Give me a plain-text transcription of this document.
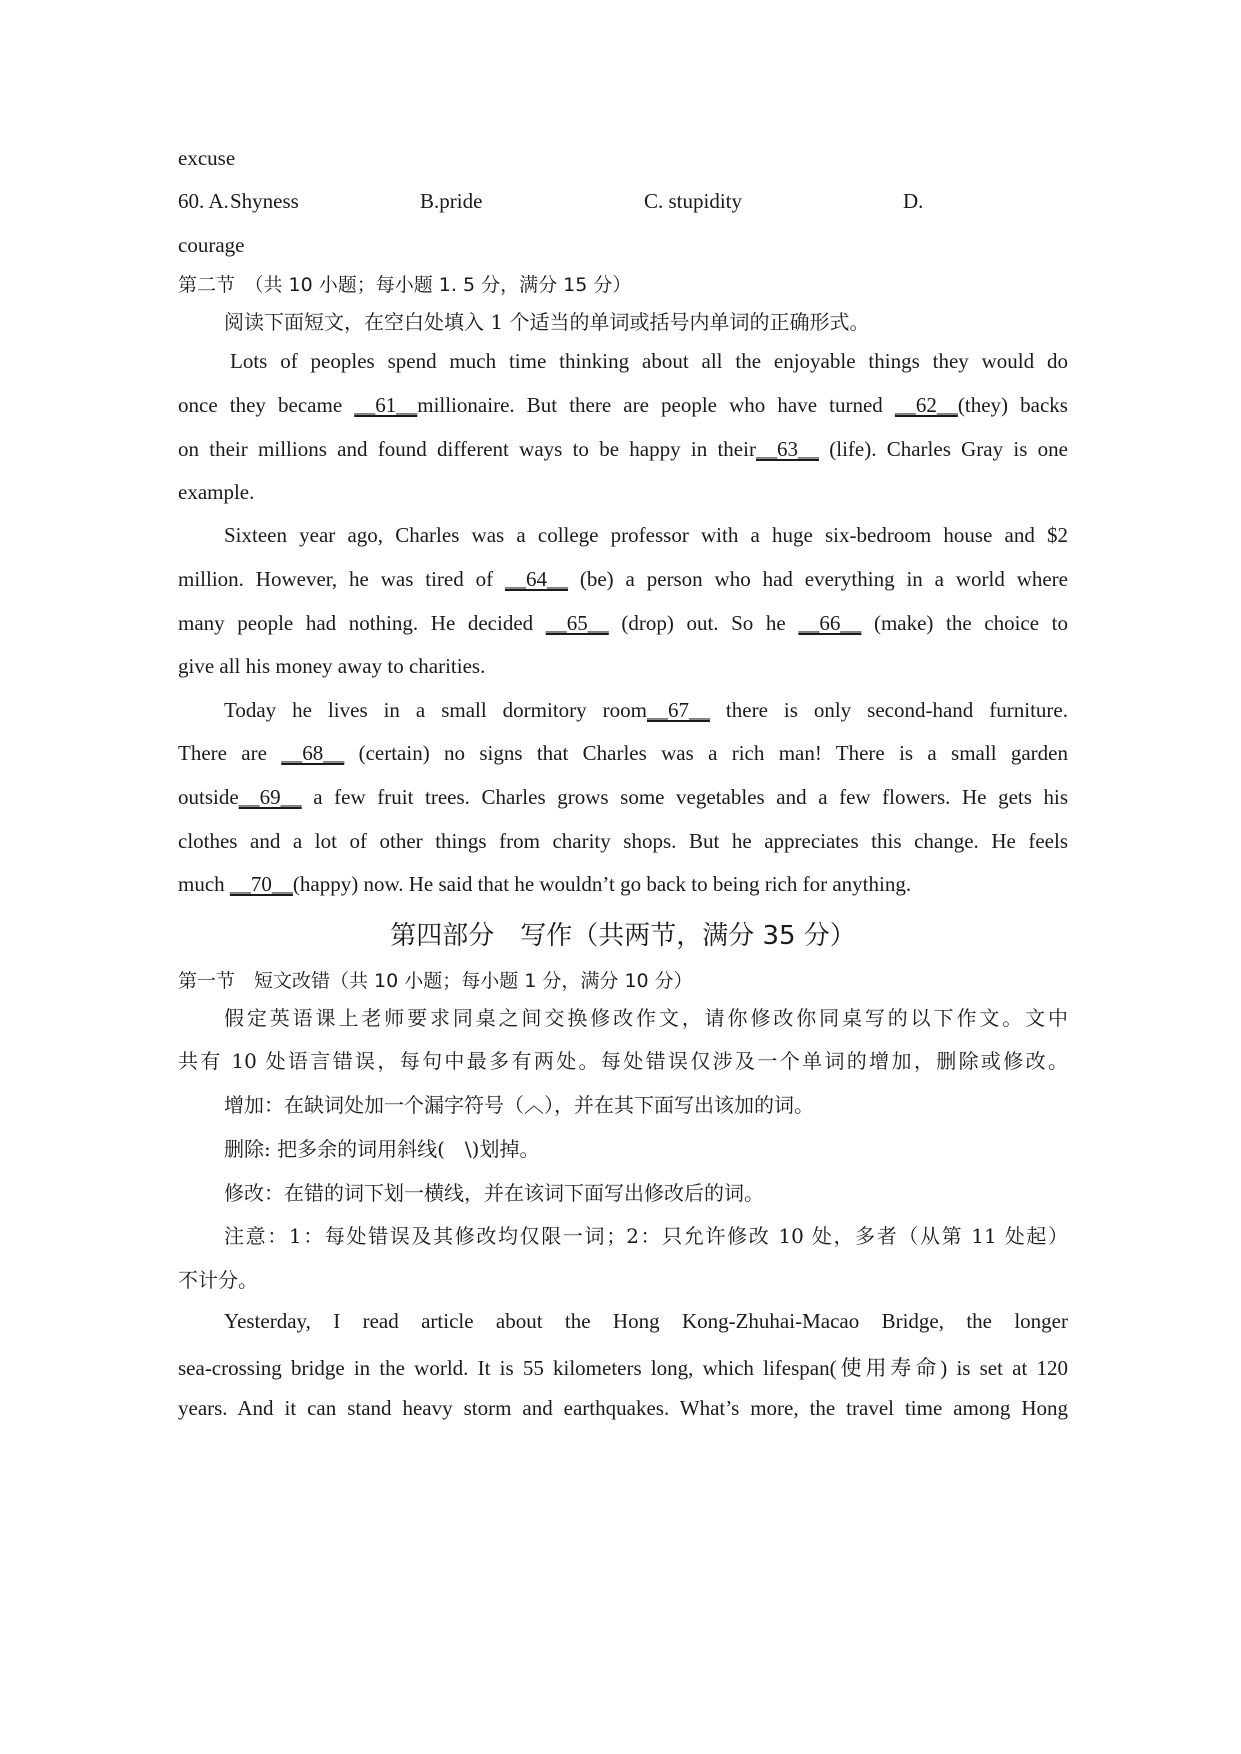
excuse
60. A. Shyness	B.pride	C. stupidity	D.
courage
第二节　（共 10 小题；每小题 1. 5 分，满分 15 分）
阅读下面短文，在空白处填入 1 个适当的单词或括号内单词的正确形式。
Lots of peoples spend much time thinking about all the enjoyable things they would do
once they became __61__millionaire. But there are people who have turned __62__(they) backs
on their millions and found different ways to be happy in their__63__ (life). Charles Gray is one
example.
Sixteen year ago, Charles was a college professor with a huge six-bedroom house and $2
million. However, he was tired of __64__ (be) a person who had everything in a world where
many people had nothing. He decided __65__ (drop) out. So he __66__ (make) the choice to
give all his money away to charities.
Today he lives in a small dormitory room__67__ there is only second-hand furniture.
There are __68__ (certain) no signs that Charles was a rich man! There is a small garden
outside__69__ a few fruit trees. Charles grows some vegetables and a few flowers. He gets his
clothes and a lot of other things from charity shops. But he appreciates this change. He feels
much __70__(happy) now. He said that he wouldn’t go back to being rich for anything.
第四部分　写作（共两节，满分 35 分）
第一节　短文改错（共 10 小题；每小题 1 分，满分 10 分）
假定英语课上老师要求同桌之间交换修改作文，请你修改你同桌写的以下作文。文中
共有 10 处语言错误，每句中最多有两处。每处错误仅涉及一个单词的增加，删除或修改。
增加：在缺词处加一个漏字符号（︿），并在其下面写出该加的词。
删除: 把多余的词用斜线(　\)划掉。
修改：在错的词下划一横线，并在该词下面写出修改后的词。
注意：1：每处错误及其修改均仅限一词；2：只允许修改 10 处，多者（从第 11 处起）
不计分。
Yesterday, I read article about the Hong Kong-Zhuhai-Macao Bridge, the longer
sea-crossing bridge in the world. It is 55 kilometers long, which lifespan(使用寿命) is set at 120
years. And it can stand heavy storm and earthquakes. What’s more, the travel time among Hong
